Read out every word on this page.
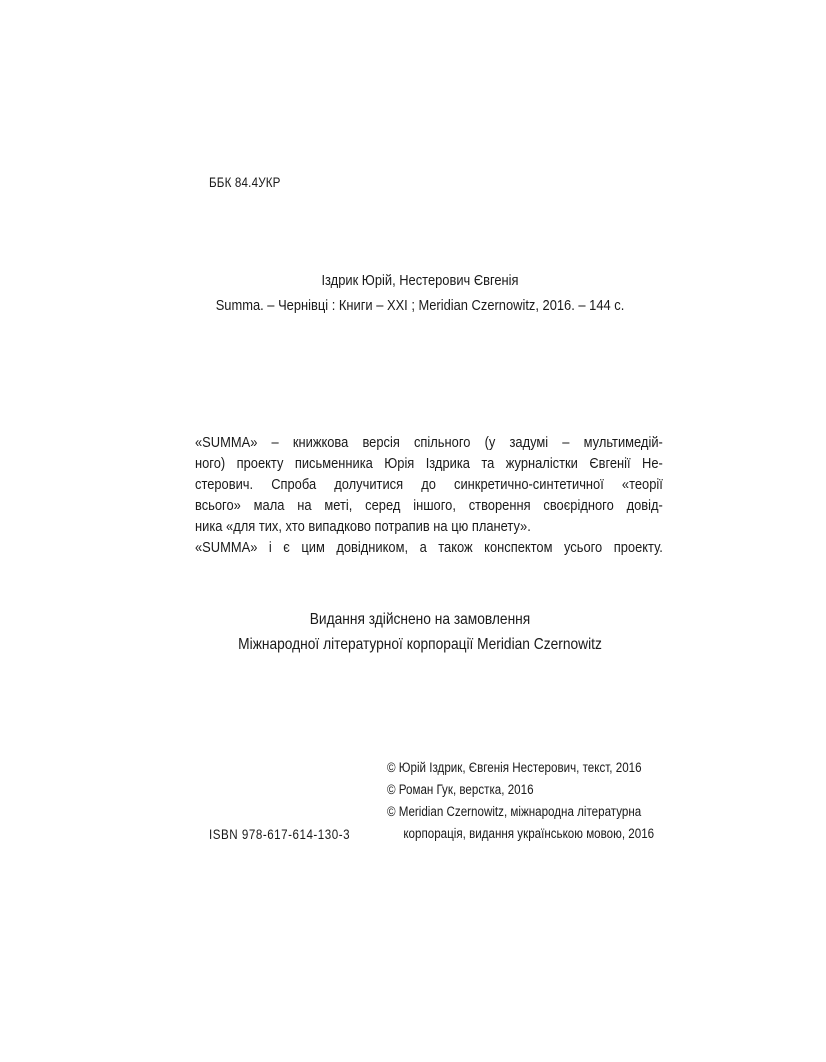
ББК 84.4УКР
Іздрик Юрій, Нестерович Євгенія
Summa. – Чернівці : Книги – ХХІ ; Meridian Czernowitz, 2016. – 144 с.
«SUMMA» – книжкова версія спільного (у задумі – мультимедій-
ного) проекту письменника Юрія Іздрика та журналістки Євгенії Не-
стерович. Спроба долучитися до синкретично-синтетичної «теорії
всього» мала на меті, серед іншого, створення своєрідного довід-
ника «для тих, хто випадково потрапив на цю планету».
«SUMMA» і є цим довідником, а також конспектом усього проекту.
Видання здійснено на замовлення
Міжнародної літературної корпорації Meridian Czernowitz
© Юрій Іздрик, Євгенія Нестерович, текст, 2016
© Роман Гук, верстка, 2016
© Meridian Czernowitz, міжнародна літературна
корпорація, видання українською мовою, 2016
ISBN 978-617-614-130-3
